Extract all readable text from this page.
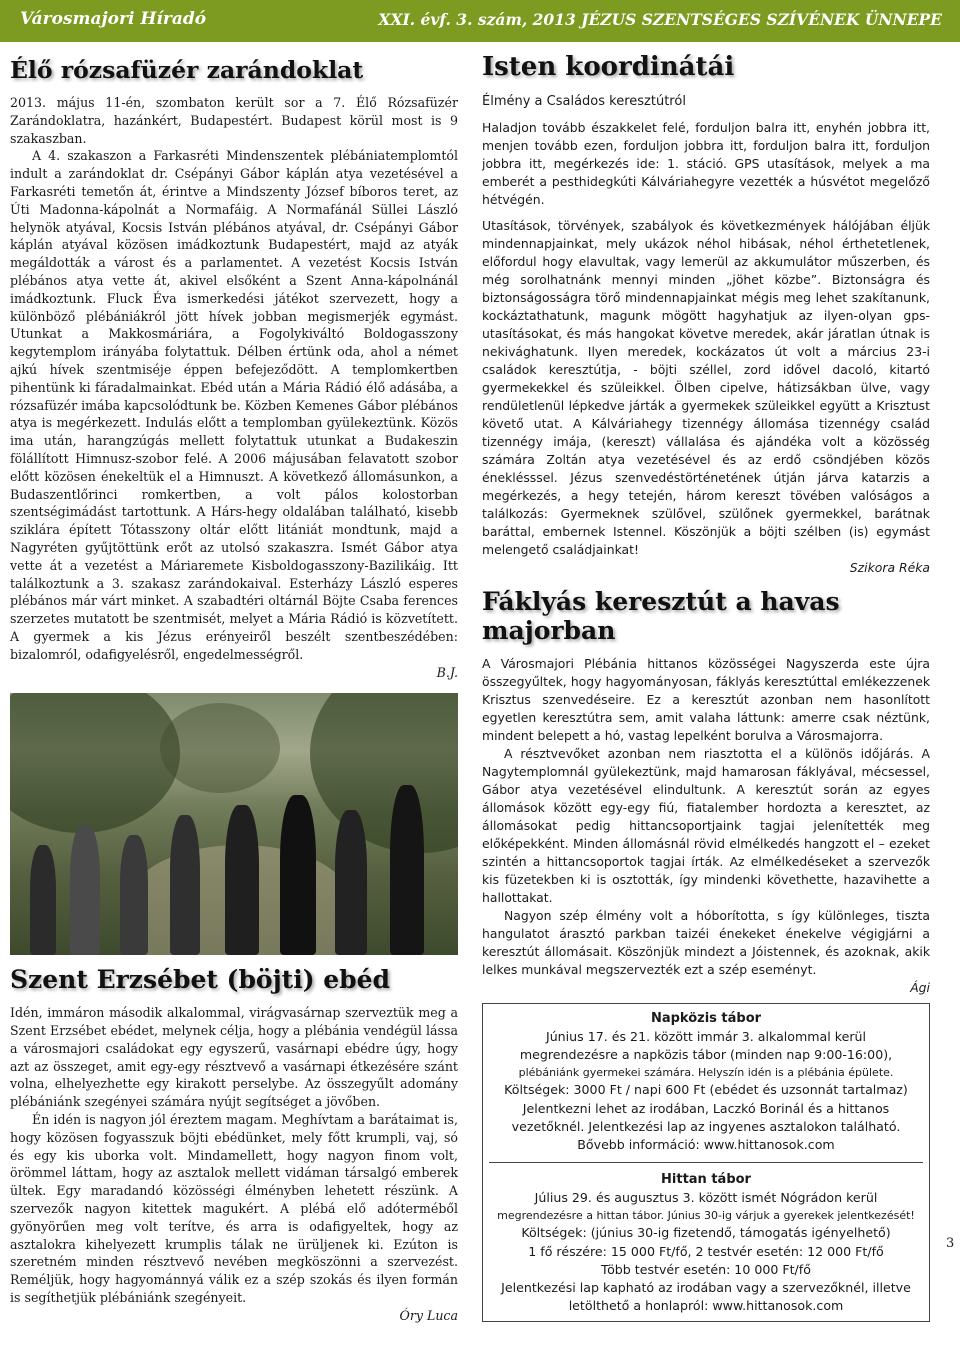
Városmajori Híradó	XXI. évf. 3. szám, 2013 JÉZUS SZENTSÉGES SZÍVÉNEK ÜNNEPE
Élő rózsafüzér zarándoklat

2013. május 11-én, szombaton került sor a 7. Élő Rózsafüzér Zarándoklatra, hazánkért, Budapestért. Budapest körül most is 9 szakaszban.

A 4. szakaszon a Farkasréti Mindenszentek plébániatemplomtól indult a zarándoklat dr. Csépányi Gábor káplán atya vezetésével a Farkasréti temetőn át, érintve a Mindszenty József bíboros teret, az Úti Madonna-kápolnát a Normafáig. A Normafánál Süllei László helynök atyával, Kocsis István plébános atyával, dr. Csépányi Gábor káplán atyával közösen imádkoztunk Budapestért, majd az atyák megáldották a várost és a parlamentet. A vezetést Kocsis István plébános atya vette át, akivel elsőként a Szent Anna-kápolnánál imádkoztunk. Fluck Éva ismerkedési játékot szervezett, hogy a különböző plébániákról jött hívek jobban megismerjék egymást. Utunkat a Makkosmáriára, a Fogolykiváltó Boldogasszony kegytemplom irányába folytattuk. Délben értünk oda, ahol a német ajkú hívek szentmiséje éppen befejeződött. A templomkertben pihentünk ki fáradalmainkat. Ebéd után a Mária Rádió élő adásába, a rózsafüzér imába kapcsolódtunk be. Közben Kemenes Gábor plébános atya is megérkezett. Indulás előtt a templomban gyülekeztünk. Közös ima után, harangzúgás mellett folytattuk utunkat a Budakeszin fölállított Himnusz-szobor felé. A 2006 májusában felavatott szobor előtt közösen énekeltük el a Himnuszt. A következő állomásunkon, a Budaszentlőrinci romkertben, a volt pálos kolostorban szentségimádást tartottunk. A Hárs-hegy oldalában található, kisebb sziklára épített Tótasszony oltár előtt litániát mondtunk, majd a Nagyréten gyűjtöttünk erőt az utolsó szakaszra. Ismét Gábor atya vette át a vezetést a Máriaremete Kisboldogasszony-Bazilikáig. Itt találkoztunk a 3. szakasz zarándokaival. Esterházy László esperes plébános már várt minket. A szabadtéri oltárnál Böjte Csaba ferences szerzetes mutatott be szentmisét, melyet a Mária Rádió is közvetített. A gyermek a kis Jézus erényeiről beszélt szentbeszédében: bizalomról, odafigyelésről, engedelmességről.

B.J.

Szent Erzsébet (böjti) ebéd

Idén, immáron második alkalommal, virágvasárnap szerveztük meg a Szent Erzsébet ebédet, melynek célja, hogy a plébánia vendégül lássa a városmajori családokat egy egyszerű, vasárnapi ebédre úgy, hogy azt az összeget, amit egy-egy résztvevő a vasárnapi étkezésére szánt volna, elhelyezhette egy kirakott perselybe. Az összegyűlt adomány plébániánk szegényei számára nyújt segítséget a jövőben.

Én idén is nagyon jól éreztem magam. Meghívtam a barátaimat is, hogy közösen fogyasszuk böjti ebédünket, mely főtt krumpli, vaj, só és egy kis uborka volt. Mindamellett, hogy nagyon finom volt, örömmel láttam, hogy az asztalok mellett vidáman társalgó emberek ültek. Egy maradandó közösségi élményben lehetett részünk. A szervezők nagyon kitettek magukért. A plébá elő adóterméből gyönyörűen meg volt terítve, és arra is odafigyeltek, hogy az asztalokra kihelyezett krumplis tálak ne ürüljenek ki. Ezúton is szeretném minden résztvevő nevében megköszönni a szervezést. Reméljük, hogy hagyománnyá válik ez a szép szokás és ilyen formán is segíthetjük plébániánk szegényeit.

Óry Luca

Isten koordinátái
Élmény a Családos keresztútról

Haladjon tovább északkelet felé, forduljon balra itt, enyhén jobbra itt, menjen tovább ezen, forduljon jobbra itt, forduljon balra itt, forduljon jobbra itt, megérkezés ide: 1. stáció. GPS utasítások, melyek a ma emberét a pesthidegkúti Kálváriahegyre vezették a húsvétot megelőző hétvégén.

Utasítások, törvények, szabályok és következmények hálójában éljük mindennapjainkat, mely ukázok néhol hibásak, néhol érthetetlenek, előfordul hogy elavultak, vagy lemerül az akkumulátor műszerben, és még sorolhatnánk mennyi minden „jöhet közbe”. Biztonságra és biztonságosságra törő mindennapjainkat mégis meg lehet szakítanunk, kockáztathatunk, magunk mögött hagyhatjuk az ilyen-olyan gps-utasításokat, és más hangokat követve meredek, akár járatlan útnak is nekivághatunk. Ilyen meredek, kockázatos út volt a március 23-i családok keresztútja, - böjti széllel, zord idővel dacoló, kitartó gyermekekkel és szüleikkel. Ölben cipelve, hátizsákban ülve, vagy rendületlenül lépkedve járták a gyermekek szüleikkel együtt a Krisztust követő utat. A Kálváriahegy tizennégy állomása tizennégy család tizennégy imája, (kereszt) vállalása és ajándéka volt a közösség számára Zoltán atya vezetésével és az erdő csöndjében közös éneklésssel. Jézus szenvedéstörténetének útján járva katarzis a megérkezés, a hegy tetején, három kereszt tövében valóságos a találkozás: Gyermeknek szülővel, szülőnek gyermekkel, barátnak baráttal, embernek Istennel. Köszönjük a böjti szélben (is) egymást melengető családjainkat!

Szikora Réka

Fáklyás keresztút a havas majorban

A Városmajori Plébánia hittanos közösségei Nagyszerda este újra összegyűltek, hogy hagyományosan, fáklyás keresztúttal emlékezzenek Krisztus szenvedéseire. Ez a keresztút azonban nem hasonlított egyetlen keresztútra sem, amit valaha láttunk: amerre csak néztünk, mindent belepett a hó, vastag lepelként borulva a Városmajorra.

A résztvevőket azonban nem riasztotta el a különös időjárás. A Nagytemplomnál gyülekeztünk, majd hamarosan fáklyával, mécsessel, Gábor atya vezetésével elindultunk. A keresztút során az egyes állomások között egy-egy fiú, fiatalember hordozta a keresztet, az állomásokat pedig hittancsoportjaink tagjai jelenítették meg előképekként. Minden állomásnál rövid elmélkedés hangzott el – ezeket szintén a hittancsoportok tagjai írták. Az elmélkedéseket a szervezők kis füzetekben ki is osztották, így mindenki követhette, hazavihette a hallottakat.

Nagyon szép élmény volt a hóborította, s így különleges, tiszta hangulatot árasztó parkban taizéi énekeket énekelve végigjárni a keresztút állomásait. Köszönjük mindezt a Jóistennek, és azoknak, akik lelkes munkával megszervezték ezt a szép eseményt.

Ági

Napközis tábor
Június 17. és 21. között immár 3. alkalommal kerül
megrendezésre a napközis tábor (minden nap 9:00-16:00),
plébániánk gyermekei számára. Helyszín idén is a plébánia épülete.
Költségek: 3000 Ft / napi 600 Ft (ebédet és uzsonnát tartalmaz)
Jelentkezni lehet az irodában, Laczkó Borinál és a hittanos
vezetőknél. Jelentkezési lap az ingyenes asztalokon található.
Bővebb információ: www.hittanosok.com
Hittan tábor
Július 29. és augusztus 3. között ismét Nógrádon kerül
megrendezésre a hittan tábor. Június 30-ig várjuk a gyerekek jelentkezését!
Költségek: (június 30-ig fizetendő, támogatás igényelhető)
1 fő részére: 15 000 Ft/fő, 2 testvér esetén: 12 000 Ft/fő
Több testvér esetén: 10 000 Ft/fő
Jelentkezési lap kapható az irodában vagy a szervezőknél, illetve
letölthető a honlapról: www.hittanosok.com
3
